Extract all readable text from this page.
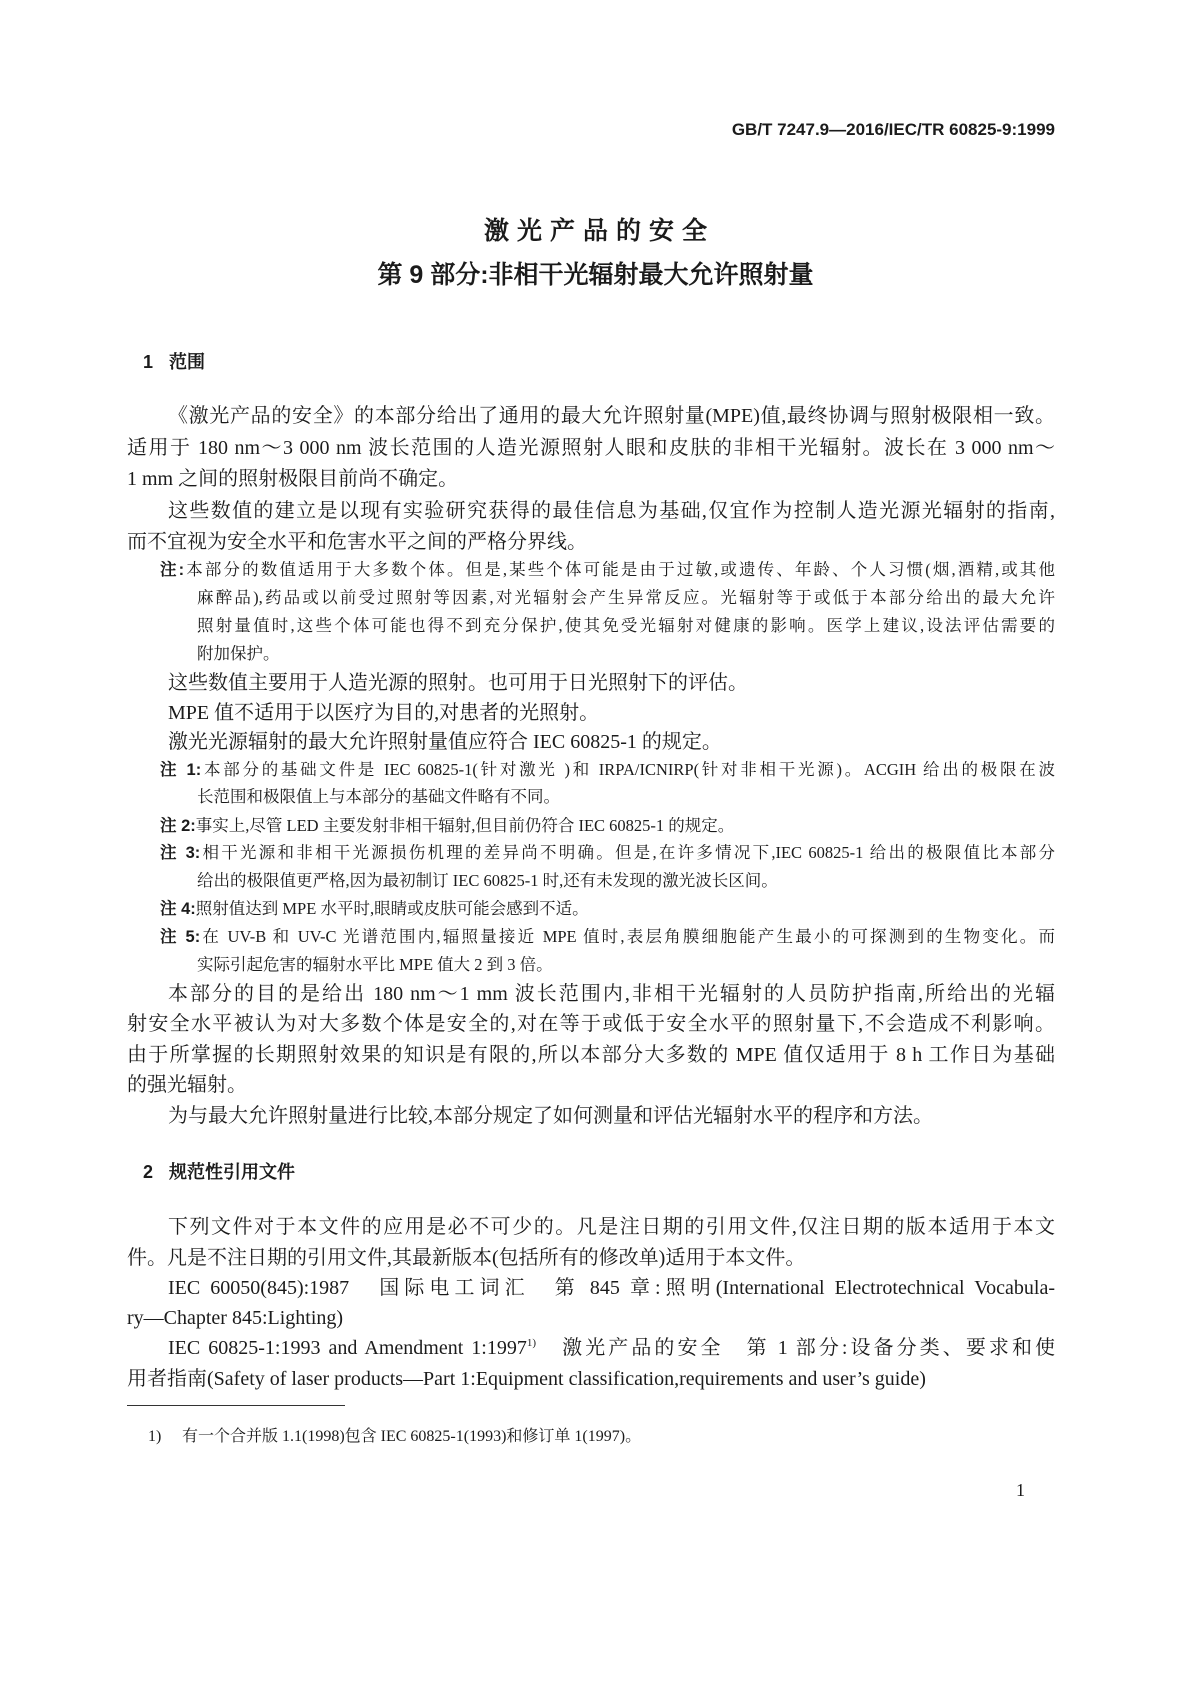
GB/T 7247.9—2016/IEC/TR 60825-9:1999
激光产品的安全
第 9 部分:非相干光辐射最大允许照射量
1 范围
《激光产品的安全》的本部分给出了通用的最大允许照射量(MPE)值,最终协调与照射极限相一致。
适用于 180 nm～3 000 nm 波长范围的人造光源照射人眼和皮肤的非相干光辐射。波长在 3 000 nm～
1 mm 之间的照射极限目前尚不确定。
这些数值的建立是以现有实验研究获得的最佳信息为基础,仅宜作为控制人造光源光辐射的指南,
而不宜视为安全水平和危害水平之间的严格分界线。
注:本部分的数值适用于大多数个体。但是,某些个体可能是由于过敏,或遗传、年龄、个人习惯(烟,酒精,或其他
麻醉品),药品或以前受过照射等因素,对光辐射会产生异常反应。光辐射等于或低于本部分给出的最大允许
照射量值时,这些个体可能也得不到充分保护,使其免受光辐射对健康的影响。医学上建议,设法评估需要的
附加保护。
这些数值主要用于人造光源的照射。也可用于日光照射下的评估。
MPE 值不适用于以医疗为目的,对患者的光照射。
激光光源辐射的最大允许照射量值应符合 IEC 60825-1 的规定。
注 1:本部分的基础文件是 IEC 60825-1(针对激光 )和 IRPA/ICNIRP(针对非相干光源)。ACGIH 给出的极限在波
长范围和极限值上与本部分的基础文件略有不同。
注 2:事实上,尽管 LED 主要发射非相干辐射,但目前仍符合 IEC 60825-1 的规定。
注 3:相干光源和非相干光源损伤机理的差异尚不明确。但是,在许多情况下,IEC 60825-1 给出的极限值比本部分
给出的极限值更严格,因为最初制订 IEC 60825-1 时,还有未发现的激光波长区间。
注 4:照射值达到 MPE 水平时,眼睛或皮肤可能会感到不适。
注 5:在 UV-B 和 UV-C 光谱范围内,辐照量接近 MPE 值时,表层角膜细胞能产生最小的可探测到的生物变化。而
实际引起危害的辐射水平比 MPE 值大 2 到 3 倍。
本部分的目的是给出 180 nm～1 mm 波长范围内,非相干光辐射的人员防护指南,所给出的光辐
射安全水平被认为对大多数个体是安全的,对在等于或低于安全水平的照射量下,不会造成不利影响。
由于所掌握的长期照射效果的知识是有限的,所以本部分大多数的 MPE 值仅适用于 8 h 工作日为基础
的强光辐射。
为与最大允许照射量进行比较,本部分规定了如何测量和评估光辐射水平的程序和方法。
2 规范性引用文件
下列文件对于本文件的应用是必不可少的。凡是注日期的引用文件,仅注日期的版本适用于本文
件。凡是不注日期的引用文件,其最新版本(包括所有的修改单)适用于本文件。
IEC 60050(845):1987　国际电工词汇　第 845 章:照明(International Electrotechnical Vocabula-
ry—Chapter 845:Lighting)
IEC 60825-1:1993 and Amendment 1:1997$^{1)}$　激光产品的安全　第 1 部分:设备分类、要求和使
用者指南(Safety of laser products—Part 1:Equipment classification,requirements and user’s guide)
1) 有一个合并版 1.1(1998)包含 IEC 60825-1(1993)和修订单 1(1997)。
1
